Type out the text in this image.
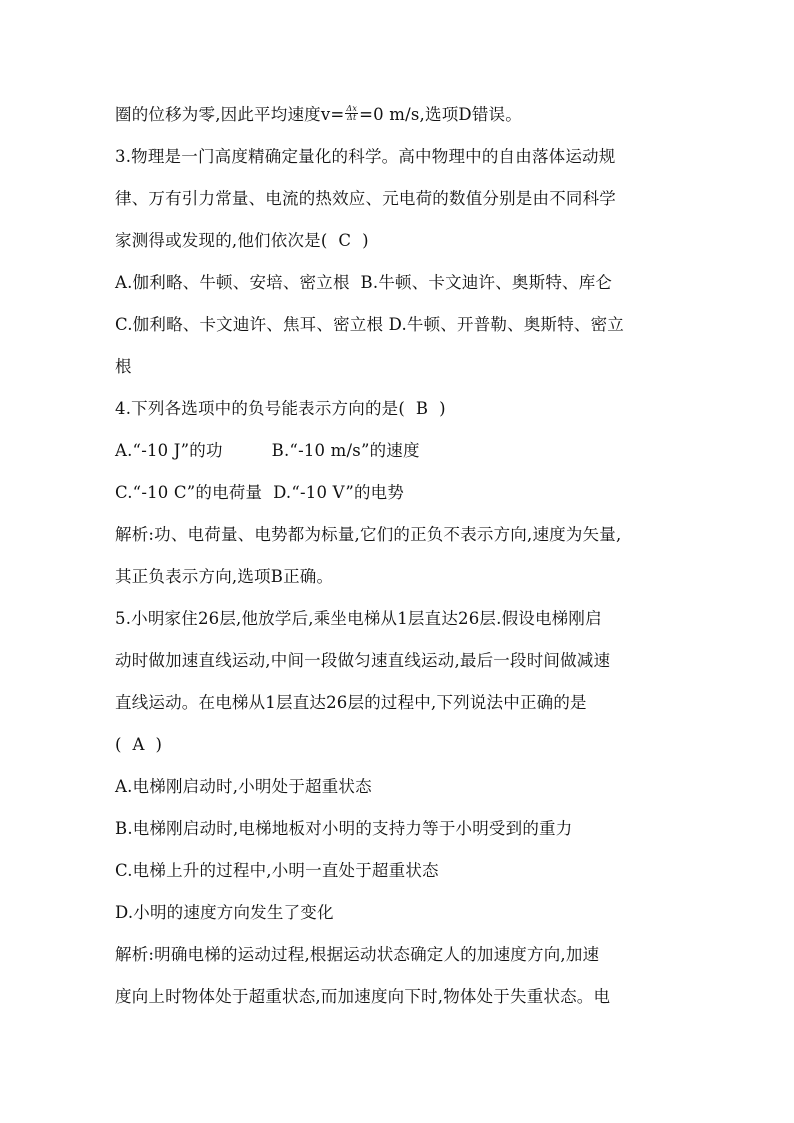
圈的位移为零,因此平均速度$v= \frac{\Delta x}{\Delta t} =0$ m/s,选项D错误。
3.物理是一门高度精确定量化的科学。高中物理中的自由落体运动规
律、万有引力常量、电流的热效应、元电荷的数值分别是由不同科学
家测得或发现的,他们依次是(  C  )
A.伽利略、牛顿、安培、密立根  B.牛顿、卡文迪许、奥斯特、库仑
C.伽利略、卡文迪许、焦耳、密立根 D.牛顿、开普勒、奥斯特、密立
根
4.下列各选项中的负号能表示方向的是(  B  )
A.“-10 J”的功         B.“-10 m/s”的速度
C.“-10 C”的电荷量  D.“-10 V”的电势
解析:功、电荷量、电势都为标量,它们的正负不表示方向,速度为矢量,
其正负表示方向,选项B正确。
5.小明家住26层,他放学后,乘坐电梯从1层直达26层.假设电梯刚启
动时做加速直线运动,中间一段做匀速直线运动,最后一段时间做减速
直线运动。在电梯从1层直达26层的过程中,下列说法中正确的是
(  A  )
A.电梯刚启动时,小明处于超重状态
B.电梯刚启动时,电梯地板对小明的支持力等于小明受到的重力
C.电梯上升的过程中,小明一直处于超重状态
D.小明的速度方向发生了变化
解析:明确电梯的运动过程,根据运动状态确定人的加速度方向,加速
度向上时物体处于超重状态,而加速度向下时,物体处于失重状态。电
